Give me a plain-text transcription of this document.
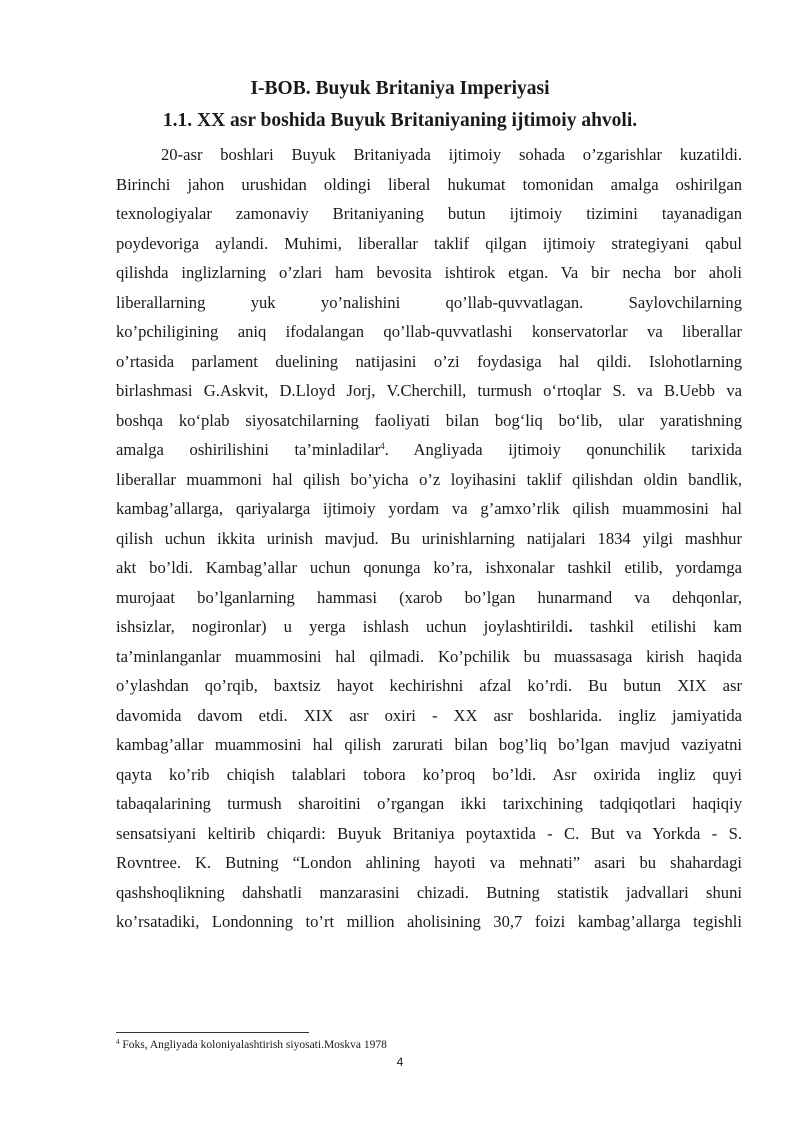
I-BOB. Buyuk Britaniya Imperiyasi
1.1. XX asr boshida Buyuk Britaniyaning ijtimoiy ahvoli.
20-asr boshlari Buyuk Britaniyada ijtimoiy sohada o’zgarishlar kuzatildi.
Birinchi jahon urushidan oldingi liberal hukumat tomonidan amalga oshirilgan
texnologiyalar zamonaviy Britaniyaning butun ijtimoiy tizimini tayanadigan
poydevoriga aylandi. Muhimi, liberallar taklif qilgan ijtimoiy strategiyani qabul
qilishda inglizlarning o’zlari ham bevosita ishtirok etgan. Va bir necha bor aholi
liberallarning yuk yo’nalishini qo’llab-quvvatlagan. Saylovchilarning
ko’pchiligining aniq ifodalangan qo’llab-quvvatlashi konservatorlar va liberallar
o’rtasida parlament duelining natijasini o’zi foydasiga hal qildi. Islohotlarning
birlashmasi G.Askvit, D.Lloyd Jorj, V.Cherchill, turmush o‘rtoqlar S. va B.Uebb va
boshqa ko‘plab siyosatchilarning faoliyati bilan bog‘liq bo‘lib, ular yaratishning
amalga oshirilishini ta’minladilar$^4$. Angliyada ijtimoiy qonunchilik tarixida
liberallar muammoni hal qilish bo’yicha o’z loyihasini taklif qilishdan oldin bandlik,
kambag’allarga, qariyalarga ijtimoiy yordam va g’amxo’rlik qilish muammosini hal
qilish uchun ikkita urinish mavjud. Bu urinishlarning natijalari 1834 yilgi mashhur
akt bo’ldi. Kambag’allar uchun qonunga ko’ra, ishxonalar tashkil etilib, yordamga
murojaat bo’lganlarning hammasi (xarob bo’lgan hunarmand va dehqonlar,
ishsizlar, nogironlar) u yerga ishlash uchun joylashtirildi. tashkil etilishi kam
ta’minlanganlar muammosini hal qilmadi. Ko’pchilik bu muassasaga kirish haqida
o’ylashdan qo’rqib, baxtsiz hayot kechirishni afzal ko’rdi. Bu butun XIX asr
davomida davom etdi. XIX asr oxiri - XX asr boshlarida. ingliz jamiyatida
kambag’allar muammosini hal qilish zarurati bilan bog’liq bo’lgan mavjud vaziyatni
qayta ko’rib chiqish talablari tobora ko’proq bo’ldi. Asr oxirida ingliz quyi
tabaqalarining turmush sharoitini o’rgangan ikki tarixchining tadqiqotlari haqiqiy
sensatsiyani keltirib chiqardi: Buyuk Britaniya poytaxtida - C. But va Yorkda - S.
Rovntree. K. Butning “London ahlining hayoti va mehnati” asari bu shahardagi
qashshoqlikning dahshatli manzarasini chizadi. Butning statistik jadvallari shuni
ko’rsatadiki, Londonning to’rt million aholisining 30,7 foizi kambag’allarga tegishli
$^4$ Foks, Angliyada koloniyalashtirish siyosati.Moskva 1978
4
